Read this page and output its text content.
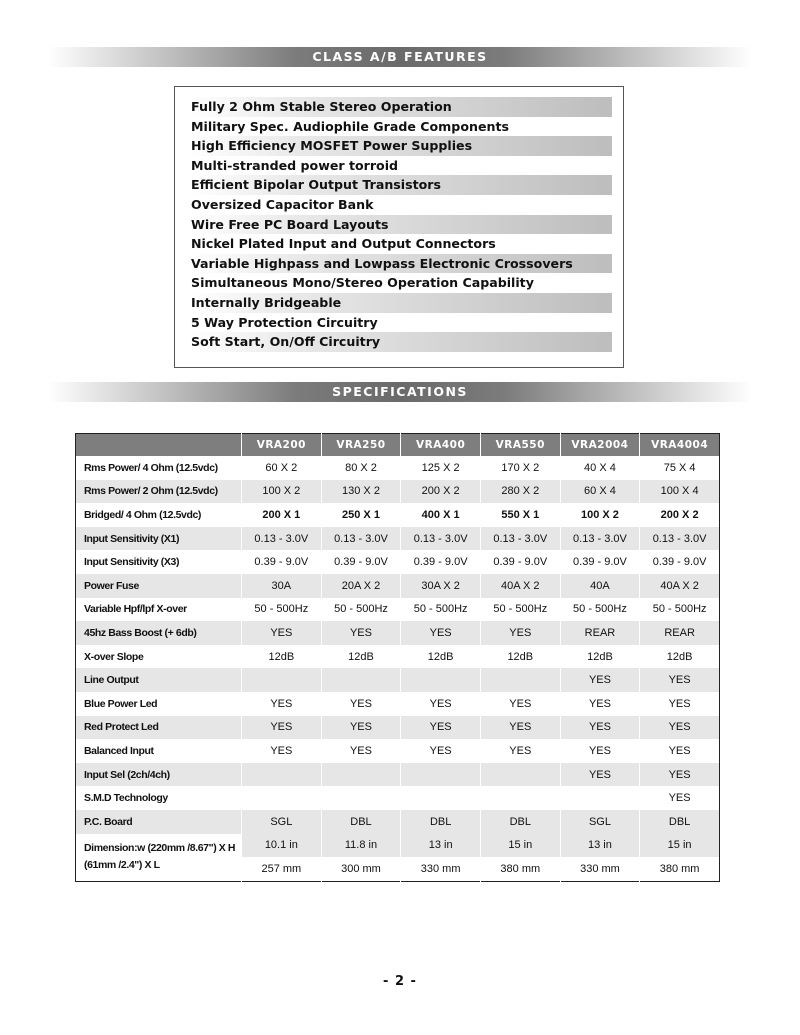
CLASS A/B FEATURES
Fully 2 Ohm Stable Stereo Operation
Military Spec. Audiophile Grade Components
High Efficiency MOSFET Power Supplies
Multi-stranded power torroid
Efficient Bipolar Output Transistors
Oversized Capacitor Bank
Wire Free PC Board Layouts
Nickel Plated Input and Output Connectors
Variable Highpass and Lowpass Electronic Crossovers
Simultaneous Mono/Stereo Operation Capability
Internally Bridgeable
5 Way Protection Circuitry
Soft Start, On/Off Circuitry
SPECIFICATIONS
	VRA200	VRA250	VRA400	VRA550	VRA2004	VRA4004
Rms Power/ 4 Ohm (12.5vdc)	60 X 2	80 X 2	125 X 2	170 X 2	40 X 4	75 X 4
Rms Power/ 2 Ohm (12.5vdc)	100 X 2	130 X 2	200 X 2	280 X 2	60 X 4	100 X 4
Bridged/ 4 Ohm (12.5vdc)	200 X 1	250 X 1	400 X 1	550 X 1	100 X 2	200 X 2
Input Sensitivity (X1)	0.13 - 3.0V	0.13 - 3.0V	0.13 - 3.0V	0.13 - 3.0V	0.13 - 3.0V	0.13 - 3.0V
Input Sensitivity (X3)	0.39 - 9.0V	0.39 - 9.0V	0.39 - 9.0V	0.39 - 9.0V	0.39 - 9.0V	0.39 - 9.0V
Power Fuse	30A	20A X 2	30A X 2	40A X 2	40A	40A X 2
Variable Hpf/lpf X-over	50 - 500Hz	50 - 500Hz	50 - 500Hz	50 - 500Hz	50 - 500Hz	50 - 500Hz
45hz Bass Boost (+ 6db)	YES	YES	YES	YES	REAR	REAR
X-over Slope	12dB	12dB	12dB	12dB	12dB	12dB
Line Output					YES	YES
Blue Power Led	YES	YES	YES	YES	YES	YES
Red Protect Led	YES	YES	YES	YES	YES	YES
Balanced Input	YES	YES	YES	YES	YES	YES
Input Sel (2ch/4ch)					YES	YES
S.M.D Technology						YES
P.C. Board	SGL	DBL	DBL	DBL	SGL	DBL
Dimension:w (220mm /8.67") X H (61mm /2.4") X L	10.1 in	11.8 in	13 in	15 in	13 in	15 in
	257 mm	300 mm	330 mm	380 mm	330 mm	380 mm
- 2 -
